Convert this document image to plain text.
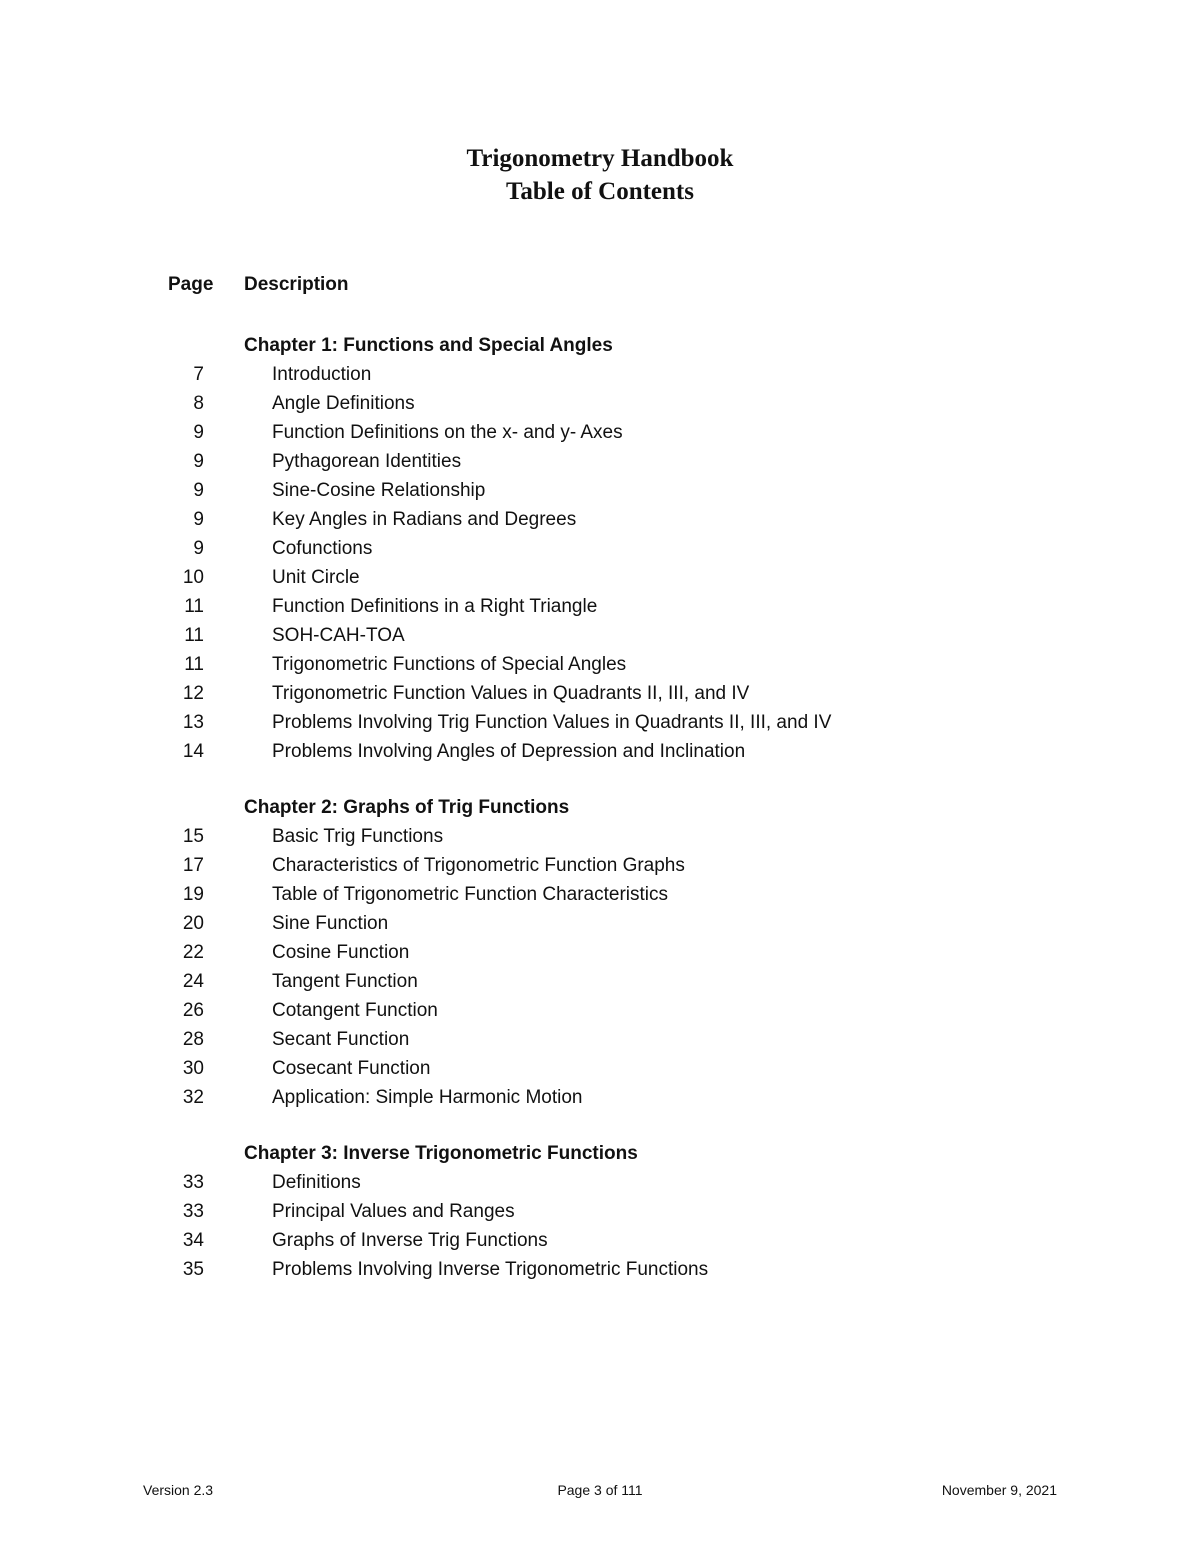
Trigonometry Handbook
Table of Contents
Page Description
Chapter 1: Functions and Special Angles
7	Introduction
8	Angle Definitions
9	Function Definitions on the x- and y- Axes
9	Pythagorean Identities
9	Sine-Cosine Relationship
9	Key Angles in Radians and Degrees
9	Cofunctions
10	Unit Circle
11	Function Definitions in a Right Triangle
11	SOH-CAH-TOA
11	Trigonometric Functions of Special Angles
12	Trigonometric Function Values in Quadrants II, III, and IV
13	Problems Involving Trig Function Values in Quadrants II, III, and IV
14	Problems Involving Angles of Depression and Inclination
Chapter 2: Graphs of Trig Functions
15	Basic Trig Functions
17	Characteristics of Trigonometric Function Graphs
19	Table of Trigonometric Function Characteristics
20	Sine Function
22	Cosine Function
24	Tangent Function
26	Cotangent Function
28	Secant Function
30	Cosecant Function
32	Application: Simple Harmonic Motion
Chapter 3: Inverse Trigonometric Functions
33	Definitions
33	Principal Values and Ranges
34	Graphs of Inverse Trig Functions
35	Problems Involving Inverse Trigonometric Functions
Version 2.3	Page 3 of 111	November 9, 2021
